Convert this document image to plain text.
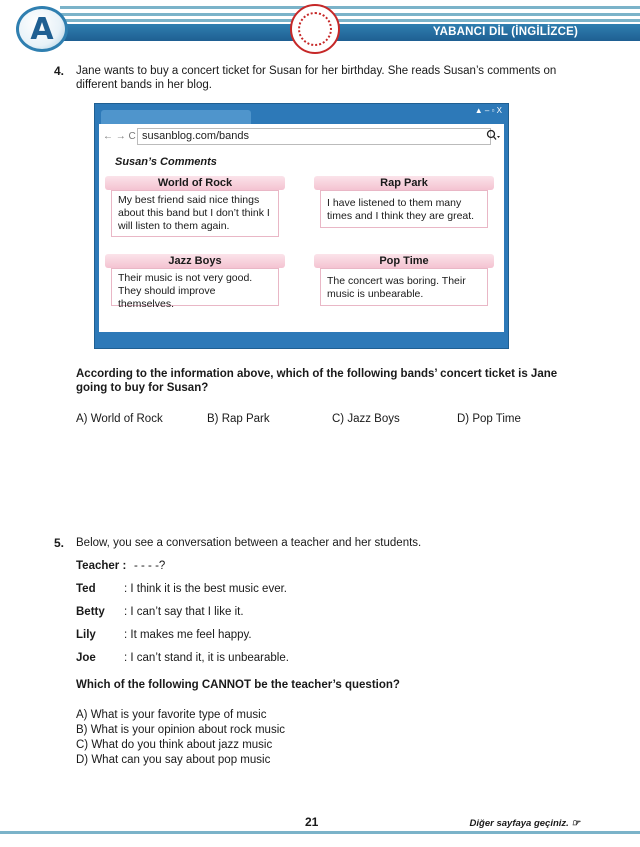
YABANCI DİL (İNGİLİZCE)
A
4. Jane wants to buy a concert ticket for Susan for her birthday. She reads Susan’s comments on
different bands in her blog.
▲ – ▫ X
← → C susanblog.com/bands
Susan’s Comments
World of Rock
My best friend said nice things about this band but I don’t think I will listen to them again.
Rap Park
I have listened to them many times and I think they are great.
Jazz Boys
Their music is not very good. They should improve themselves.
Pop Time
The concert was boring. Their music is unbearable.
According to the information above, which of the following bands’ concert ticket is Jane
going to buy for Susan?
A) World of Rock	B) Rap Park	C) Jazz Boys	D) Pop Time
5. Below, you see a conversation between a teacher and her students.
Teacher : - - - -?
Ted : I think it is the best music ever.
Betty : I can’t say that I like it.
Lily : It makes me feel happy.
Joe : I can’t stand it, it is unbearable.
Which of the following CANNOT be the teacher’s question?
A) What is your favorite type of music
B) What is your opinion about rock music
C) What do you think about jazz music
D) What can you say about pop music
21	Diğer sayfaya geçiniz. ☞
